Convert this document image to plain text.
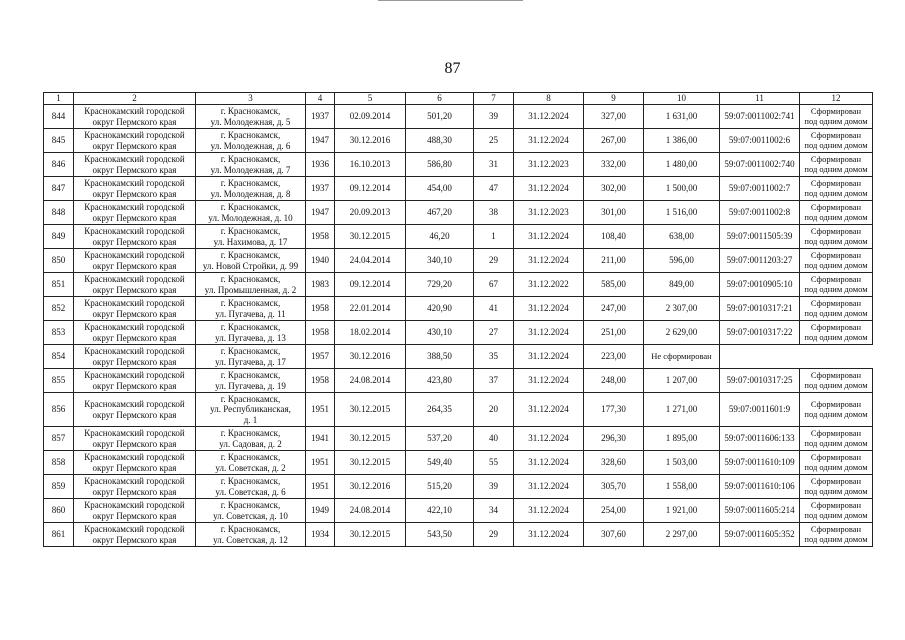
87
1	2	3	4	5	6	7	8	9	10	11	12
844	Краснокамский городской
округ Пермского края	г. Краснокамск,
ул. Молодежная, д. 5	1937	02.09.2014	501,20	39	31.12.2024	327,00	1 631,00	59:07:0011002:741	Сформирован
под одним домом

845	Краснокамский городской
округ Пермского края	г. Краснокамск,
ул. Молодежная, д. 6	1947	30.12.2016	488,30	25	31.12.2024	267,00	1 386,00	59:07:0011002:6	Сформирован
под одним домом

846	Краснокамский городской
округ Пермского края	г. Краснокамск,
ул. Молодежная, д. 7	1936	16.10.2013	586,80	31	31.12.2023	332,00	1 480,00	59:07:0011002:740	Сформирован
под одним домом

847	Краснокамский городской
округ Пермского края	г. Краснокамск,
ул. Молодежная, д. 8	1937	09.12.2014	454,00	47	31.12.2024	302,00	1 500,00	59:07:0011002:7	Сформирован
под одним домом

848	Краснокамский городской
округ Пермского края	г. Краснокамск,
ул. Молодежная, д. 10	1947	20.09.2013	467,20	38	31.12.2023	301,00	1 516,00	59:07:0011002:8	Сформирован
под одним домом

849	Краснокамский городской
округ Пермского края	г. Краснокамск,
ул. Нахимова, д. 17	1958	30.12.2015	46,20	1	31.12.2024	108,40	638,00	59:07:0011505:39	Сформирован
под одним домом

850	Краснокамский городской
округ Пермского края	г. Краснокамск,
ул. Новой Стройки, д. 99	1940	24.04.2014	340,10	29	31.12.2024	211,00	596,00	59:07:0011203:27	Сформирован
под одним домом

851	Краснокамский городской
округ Пермского края	г. Краснокамск,
ул. Промышленная, д. 2	1983	09.12.2014	729,20	67	31.12.2022	585,00	849,00	59:07:0010905:10	Сформирован
под одним домом

852	Краснокамский городской
округ Пермского края	г. Краснокамск,
ул. Пугачева, д. 11	1958	22.01.2014	420,90	41	31.12.2024	247,00	2 307,00	59:07:0010317:21	Сформирован
под одним домом

853	Краснокамский городской
округ Пермского края	г. Краснокамск,
ул. Пугачева, д. 13	1958	18.02.2014	430,10	27	31.12.2024	251,00	2 629,00	59:07:0010317:22	Сформирован
под одним домом

854	Краснокамский городской
округ Пермского края	г. Краснокамск,
ул. Пугачева, д. 17	1957	30.12.2016	388,50	35	31.12.2024	223,00	Не сформирован		

855	Краснокамский городской
округ Пермского края	г. Краснокамск,
ул. Пугачева, д. 19	1958	24.08.2014	423,80	37	31.12.2024	248,00	1 207,00	59:07:0010317:25	Сформирован
под одним домом

856	Краснокамский городской
округ Пермского края	г. Краснокамск,
ул. Республиканская,
д. 1	1951	30.12.2015	264,35	20	31.12.2024	177,30	1 271,00	59:07:0011601:9	Сформирован
под одним домом

857	Краснокамский городской
округ Пермского края	г. Краснокамск,
ул. Садовая, д. 2	1941	30.12.2015	537,20	40	31.12.2024	296,30	1 895,00	59:07:0011606:133	Сформирован
под одним домом

858	Краснокамский городской
округ Пермского края	г. Краснокамск,
ул. Советская, д. 2	1951	30.12.2015	549,40	55	31.12.2024	328,60	1 503,00	59:07:0011610:109	Сформирован
под одним домом

859	Краснокамский городской
округ Пермского края	г. Краснокамск,
ул. Советская, д. 6	1951	30.12.2016	515,20	39	31.12.2024	305,70	1 558,00	59:07:0011610:106	Сформирован
под одним домом

860	Краснокамский городской
округ Пермского края	г. Краснокамск,
ул. Советская, д. 10	1949	24.08.2014	422,10	34	31.12.2024	254,00	1 921,00	59:07:0011605:214	Сформирован
под одним домом

861	Краснокамский городской
округ Пермского края	г. Краснокамск,
ул. Советская, д. 12	1934	30.12.2015	543,50	29	31.12.2024	307,60	2 297,00	59:07:0011605:352	Сформирован
под одним домом
